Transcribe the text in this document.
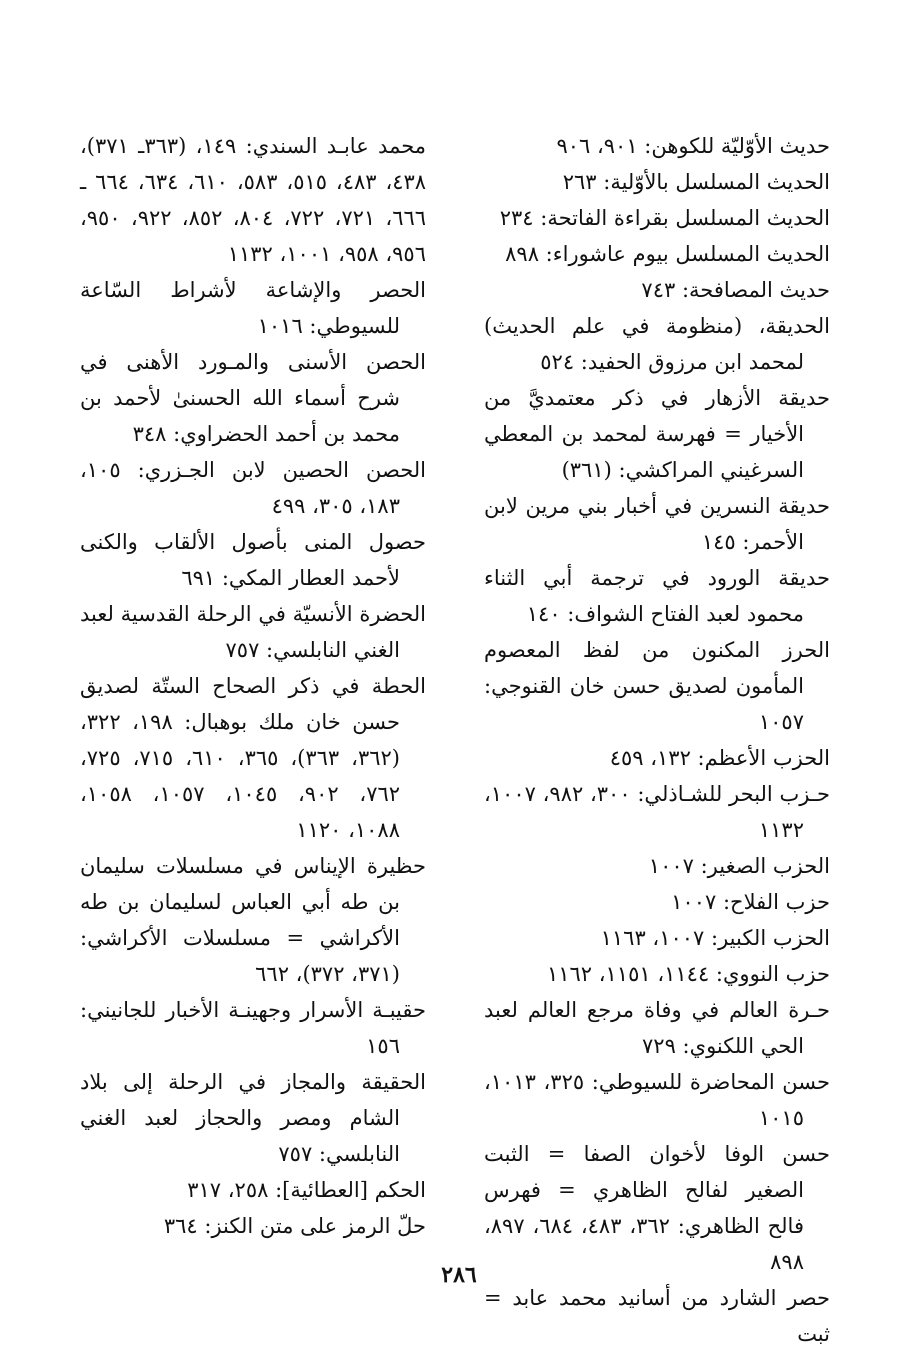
حديث الأوّليّة للكوهن: ٩٠١، ٩٠٦
الحديث المسلسل بالأوّلية: ٢٦٣
الحديث المسلسل بقراءة الفاتحة: ٢٣٤
الحديث المسلسل بيوم عاشوراء: ٨٩٨
حديث المصافحة: ٧٤٣
الحديقة، (منظومة في علم الحديث) لمحمد ابن مرزوق الحفيد: ٥٢٤
حديقة الأزهار في ذكر معتمديَّ من الأخيار = فهرسة لمحمد بن المعطي السرغيني المراكشي: (٣٦١)
حديقة النسرين في أخبار بني مرين لابن الأحمر: ١٤٥
حديقة الورود في ترجمة أبي الثناء محمود لعبد الفتاح الشواف: ١٤٠
الحرز المكنون من لفظ المعصوم المأمون لصديق حسن خان القنوجي: ١٠٥٧
الحزب الأعظم: ١٣٢، ٤٥٩
حـزب البحر للشـاذلي: ٣٠٠، ٩٨٢، ١٠٠٧، ١١٣٢
الحزب الصغير: ١٠٠٧
حزب الفلاح: ١٠٠٧
الحزب الكبير: ١٠٠٧، ١١٦٣
حزب النووي: ١١٤٤، ١١٥١، ١١٦٢
حـرة العالم في وفاة مرجع العالم لعبد الحي اللكنوي: ٧٢٩
حسن المحاضرة للسيوطي: ٣٢٥، ١٠١٣، ١٠١٥
حسن الوفا لأخوان الصفا = الثبت الصغير لفالح الظاهري = فهرس فالح الظاهري: ٣٦٢، ٤٨٣، ٦٨٤، ٨٩٧، ٨٩٨
حصر الشارد من أسانيد محمد عابد = ثبت
محمد عابـد السندي: ١٤٩، (٣٦٣ـ ٣٧١)، ٤٣٨، ٤٨٣، ٥١٥، ٥٨٣، ٦١٠، ٦٣٤، ٦٦٤ ـ ٦٦٦، ٧٢١، ٧٢٢، ٨٠٤، ٨٥٢، ٩٢٢، ٩٥٠، ٩٥٦، ٩٥٨، ١٠٠١، ١١٣٢
الحصر والإشاعة لأشراط السّاعة للسيوطي: ١٠١٦
الحصن الأسنى والمـورد الأهنى في شرح أسماء الله الحسنىٰ لأحمد بن محمد بن أحمد الحضراوي: ٣٤٨
الحصن الحصين لابن الجـزري: ١٠٥، ١٨٣، ٣٠٥، ٤٩٩
حصول المنى بأصول الألقاب والكنى لأحمد العطار المكي: ٦٩١
الحضرة الأنسيّة في الرحلة القدسية لعبد الغني النابلسي: ٧٥٧
الحطة في ذكر الصحاح الستّة لصديق حسن خان ملك بوهبال: ١٩٨، ٣٢٢، (٣٦٢، ٣٦٣)، ٣٦٥، ٦١٠، ٧١٥، ٧٢٥، ٧٦٢، ٩٠٢، ١٠٤٥، ١٠٥٧، ١٠٥٨، ١٠٨٨، ١١٢٠
حظيرة الإيناس في مسلسلات سليمان بن طه أبي العباس لسليمان بن طه الأكراشي = مسلسلات الأكراشي: (٣٧١، ٣٧٢)، ٦٦٢
حقيبـة الأسرار وجهينـة الأخبار للجانيني: ١٥٦
الحقيقة والمجاز في الرحلة إلى بلاد الشام ومصر والحجاز لعبد الغني النابلسي: ٧٥٧
الحكم [العطائية]: ٢٥٨، ٣١٧
حلّ الرمز على متن الكنز: ٣٦٤
٢٨٦
